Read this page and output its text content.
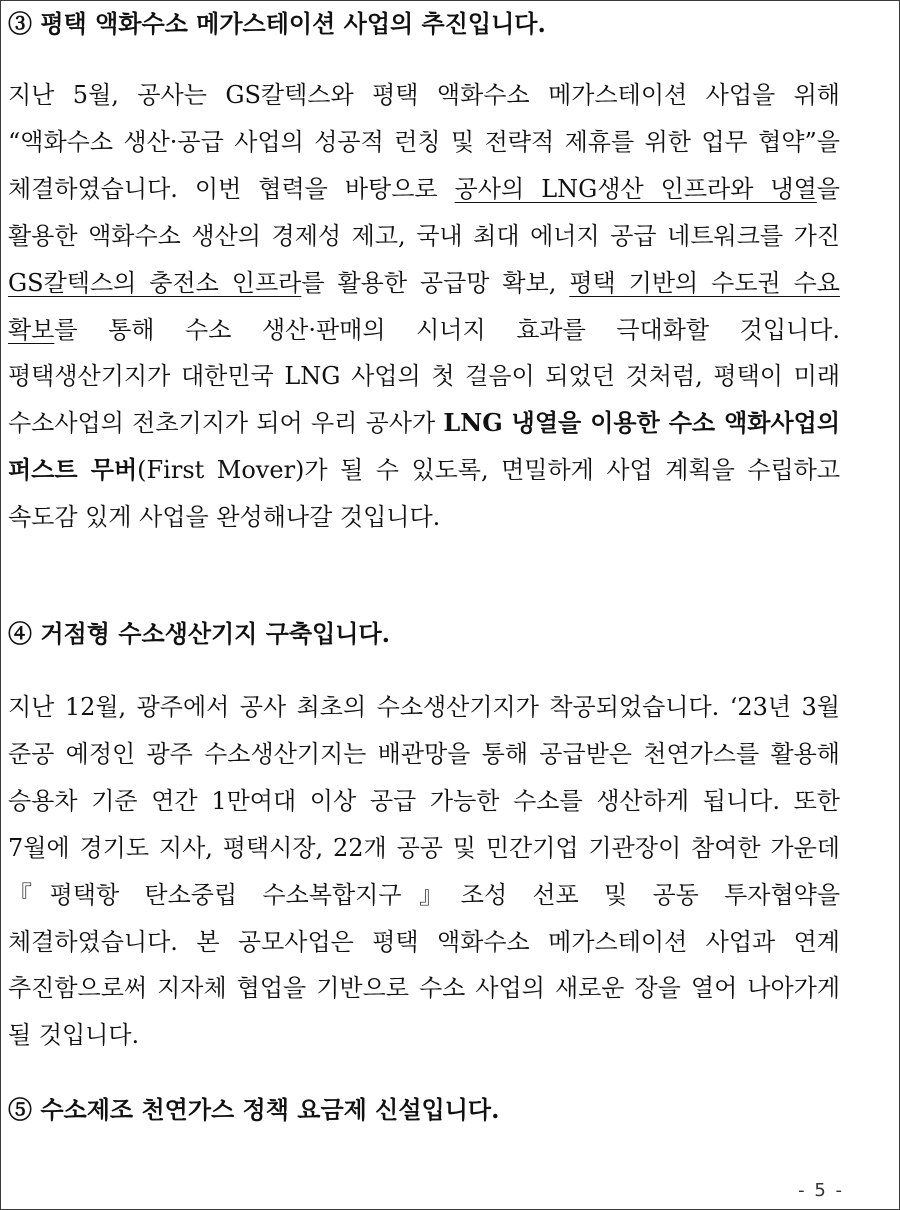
③ 평택 액화수소 메가스테이션 사업의 추진입니다.
지난 5월, 공사는 GS칼텍스와 평택 액화수소 메가스테이션 사업을 위해 “액화수소 생산·공급 사업의 성공적 런칭 및 전략적 제휴를 위한 업무 협약”을 체결하였습니다. 이번 협력을 바탕으로 공사의 LNG생산 인프라와 냉열을 활용한 액화수소 생산의 경제성 제고, 국내 최대 에너지 공급 네트워크를 가진 GS칼텍스의 충전소 인프라를 활용한 공급망 확보, 평택 기반의 수도권 수요 확보를 통해 수소 생산·판매의 시너지 효과를 극대화할 것입니다. 평택생산기지가 대한민국 LNG 사업의 첫 걸음이 되었던 것처럼, 평택이 미래 수소사업의 전초기지가 되어 우리 공사가 LNG 냉열을 이용한 수소 액화사업의 퍼스트 무버(First Mover)가 될 수 있도록, 면밀하게 사업 계획을 수립하고 속도감 있게 사업을 완성해나갈 것입니다.
④ 거점형 수소생산기지 구축입니다.
지난 12월, 광주에서 공사 최초의 수소생산기지가 착공되었습니다. ‘23년 3월 준공 예정인 광주 수소생산기지는 배관망을 통해 공급받은 천연가스를 활용해 승용차 기준 연간 1만여대 이상 공급 가능한 수소를 생산하게 됩니다. 또한 7월에 경기도 지사, 평택시장, 22개 공공 및 민간기업 기관장이 참여한 가운데『평택항 탄소중립 수소복합지구』조성 선포 및 공동 투자협약을 체결하였습니다. 본 공모사업은 평택 액화수소 메가스테이션 사업과 연계 추진함으로써 지자체 협업을 기반으로 수소 사업의 새로운 장을 열어 나아가게 될 것입니다.
⑤ 수소제조 천연가스 정책 요금제 신설입니다.
- 5 -
